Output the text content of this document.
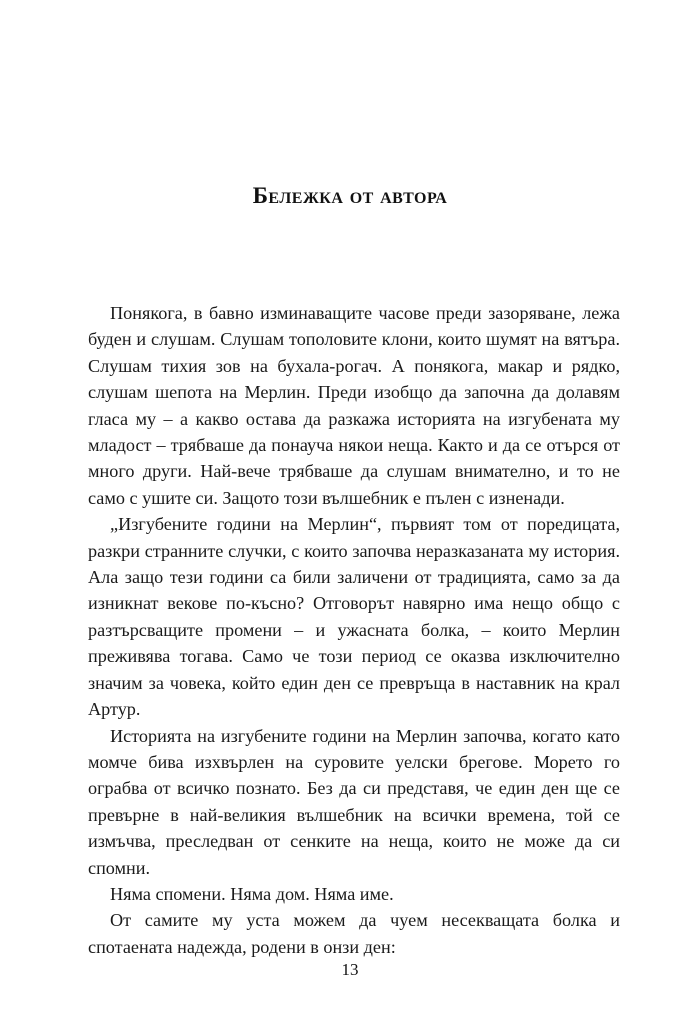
Бележка от автора

Понякога, в бавно изминаващите часове преди зазоряване, лежа буден и слушам. Слушам тополовите клони, които шумят на вятъра. Слушам тихия зов на бухала-рогач. А понякога, макар и рядко, слушам шепота на Мерлин. Преди изобщо да започна да долавям гласа му – а какво остава да разкажа историята на изгубената му младост – трябваше да понауча някои неща. Както и да се отърся от много други. Най-вече трябваше да слушам внимателно, и то не само с ушите си. Защото този вълшебник е пълен с изненади.

„Изгубените години на Мерлин“, първият том от поредицата, разкри странните случки, с които започва неразказаната му история. Ала защо тези години са били заличени от традицията, само за да изникнат векове по-късно? Отговорът навярно има нещо общо с разтърсващите промени – и ужасната болка, – които Мерлин преживява тогава. Само че този период се оказва изключително значим за човека, който един ден се превръща в наставник на крал Артур.

Историята на изгубените години на Мерлин започва, когато като момче бива изхвърлен на суровите уелски брегове. Морето го ограбва от всичко познато. Без да си представя, че един ден ще се превърне в най-великия вълшебник на всички времена, той се измъчва, преследван от сенките на неща, които не може да си спомни.

Няма спомени. Няма дом. Няма име.

От самите му уста можем да чуем несекващата болка и спотаената надежда, родени в онзи ден:

13
